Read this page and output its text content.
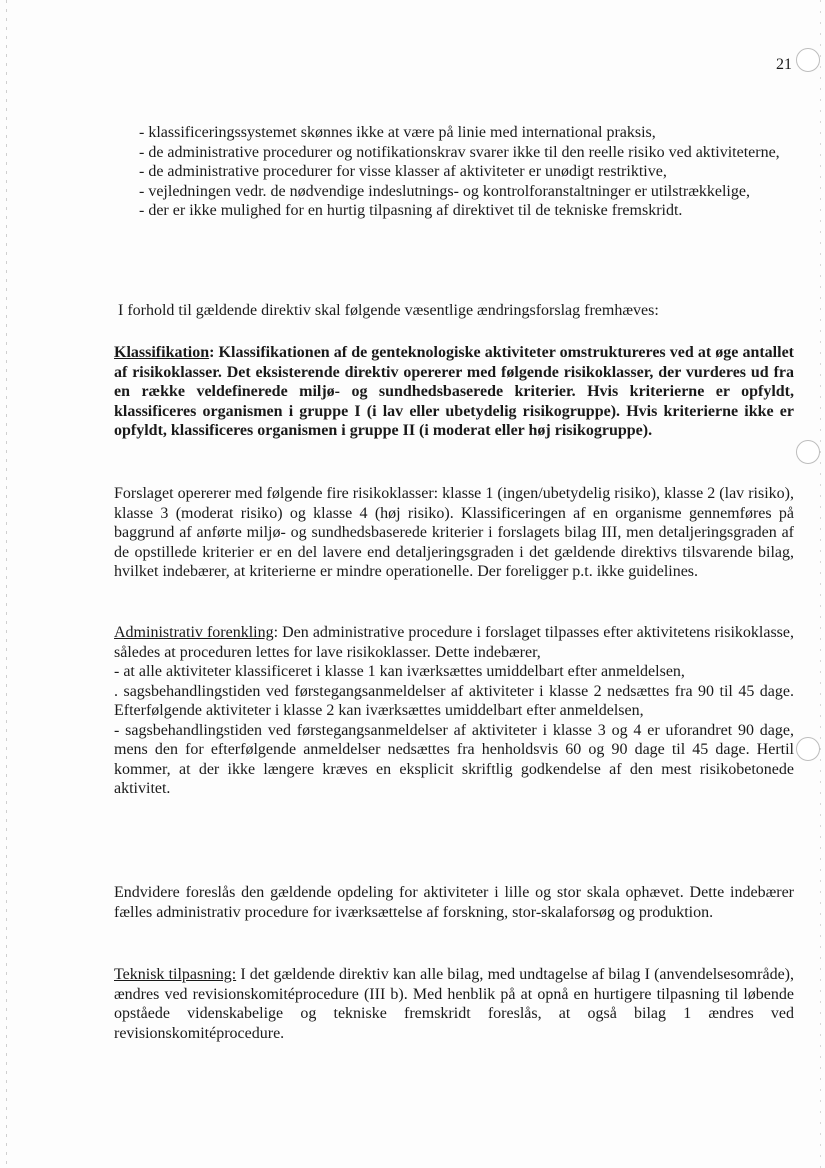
21

- klassificeringssystemet skønnes ikke at være på linie med international praksis,

- de administrative procedurer og notifikationskrav svarer ikke til den reelle risiko ved aktiviteterne,

- de administrative procedurer for visse klasser af aktiviteter er unødigt restriktive,

- vejledningen vedr. de nødvendige indeslutnings- og kontrolforanstaltninger er utilstrækkelige,

- der er ikke mulighed for en hurtig tilpasning af direktivet til de tekniske fremskridt.

I forhold til gældende direktiv skal følgende væsentlige ændringsforslag fremhæves:

Klassifikation: Klassifikationen af de genteknologiske aktiviteter omstruktureres ved at øge antallet af risikoklasser. Det eksisterende direktiv opererer med følgende risikoklasser, der vurderes ud fra en række veldefinerede miljø- og sundhedsbaserede kriterier. Hvis kriterierne er opfyldt, klassificeres organismen i gruppe I (i lav eller ubetydelig risikogruppe). Hvis kriterierne ikke er opfyldt, klassificeres organismen i gruppe II (i moderat eller høj risikogruppe).

Forslaget opererer med følgende fire risikoklasser: klasse 1 (ingen/ubetydelig risiko), klasse 2 (lav risiko), klasse 3 (moderat risiko) og klasse 4 (høj risiko). Klassificeringen af en organisme gennemføres på baggrund af anførte miljø- og sundhedsbaserede kriterier i forslagets bilag III, men detaljeringsgraden af de opstillede kriterier er en del lavere end detaljeringsgraden i det gældende direktivs tilsvarende bilag, hvilket indebærer, at kriterierne er mindre operationelle. Der foreligger p.t. ikke guidelines.

Administrativ forenkling: Den administrative procedure i forslaget tilpasses efter aktivitetens risikoklasse, således at proceduren lettes for lave risikoklasser. Dette indebærer,

- at alle aktiviteter klassificeret i klasse 1 kan iværksættes umiddelbart efter anmeldelsen,

. sagsbehandlingstiden ved førstegangsanmeldelser af aktiviteter i klasse 2 nedsættes fra 90 til 45 dage. Efterfølgende aktiviteter i klasse 2 kan iværksættes umiddelbart efter anmeldelsen,

- sagsbehandlingstiden ved førstegangsanmeldelser af aktiviteter i klasse 3 og 4 er uforandret 90 dage, mens den for efterfølgende anmeldelser nedsættes fra henholdsvis 60 og 90 dage til 45 dage. Hertil kommer, at der ikke længere kræves en eksplicit skriftlig godkendelse af den mest risikobetonede aktivitet.

Endvidere foreslås den gældende opdeling for aktiviteter i lille og stor skala ophævet. Dette indebærer fælles administrativ procedure for iværksættelse af forskning, stor-skalaforsøg og produktion.

Teknisk tilpasning: I det gældende direktiv kan alle bilag, med undtagelse af bilag I (anvendelsesområde), ændres ved revisionskomitéprocedure (III b). Med henblik på at opnå en hurtigere tilpasning til løbende opståede videnskabelige og tekniske fremskridt foreslås, at også bilag 1 ændres ved revisionskomitéprocedure.
